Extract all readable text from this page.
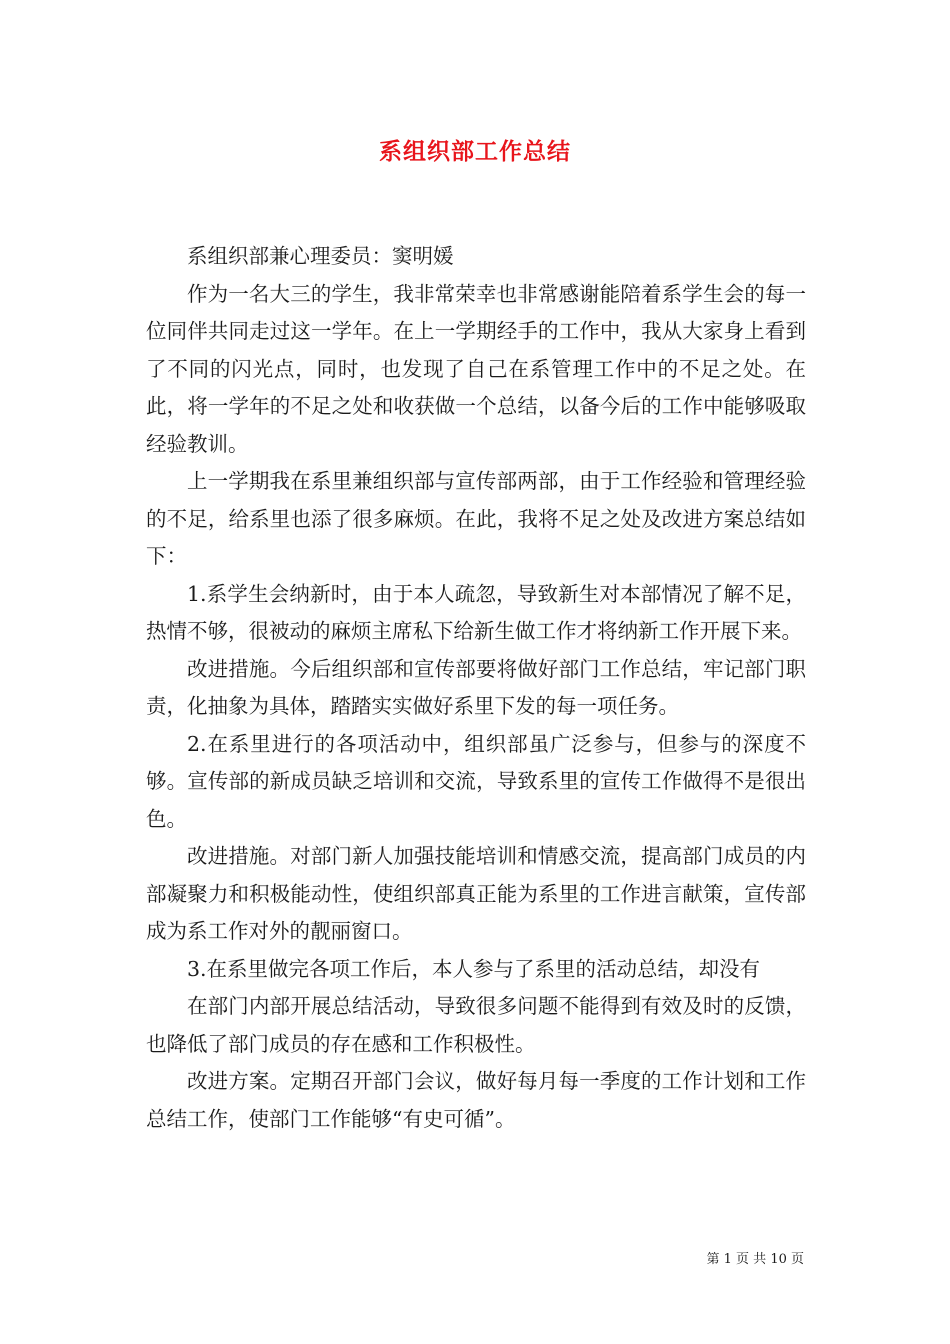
系组织部工作总结

系组织部兼心理委员：窦明媛

作为一名大三的学生，我非常荣幸也非常感谢能陪着系学生会的每一位同伴共同走过这一学年。在上一学期经手的工作中，我从大家身上看到了不同的闪光点，同时，也发现了自己在系管理工作中的不足之处。在此，将一学年的不足之处和收获做一个总结，以备今后的工作中能够吸取经验教训。

上一学期我在系里兼组织部与宣传部两部，由于工作经验和管理经验的不足，给系里也添了很多麻烦。在此，我将不足之处及改进方案总结如下：

1.系学生会纳新时，由于本人疏忽，导致新生对本部情况了解不足，热情不够，很被动的麻烦主席私下给新生做工作才将纳新工作开展下来。

改进措施。今后组织部和宣传部要将做好部门工作总结，牢记部门职责，化抽象为具体，踏踏实实做好系里下发的每一项任务。

2.在系里进行的各项活动中，组织部虽广泛参与，但参与的深度不够。宣传部的新成员缺乏培训和交流，导致系里的宣传工作做得不是很出色。

改进措施。对部门新人加强技能培训和情感交流，提高部门成员的内部凝聚力和积极能动性，使组织部真正能为系里的工作进言献策，宣传部成为系工作对外的靓丽窗口。

3.在系里做完各项工作后，本人参与了系里的活动总结，却没有

在部门内部开展总结活动，导致很多问题不能得到有效及时的反馈，也降低了部门成员的存在感和工作积极性。

改进方案。定期召开部门会议，做好每月每一季度的工作计划和工作总结工作，使部门工作能够“有史可循”。

第 1 页 共 10 页
